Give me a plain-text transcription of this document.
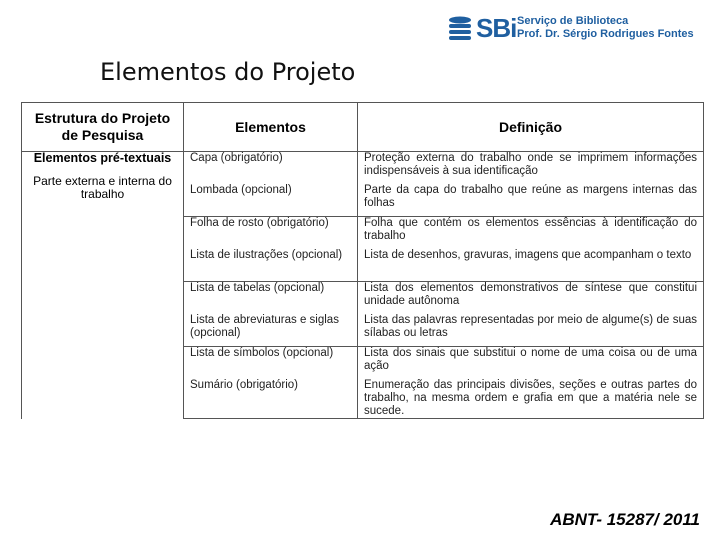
SBi Serviço de Biblioteca
Prof. Dr. Sérgio Rodrigues Fontes
Elementos do Projeto
Estrutura do Projeto de Pesquisa	Elementos	Definição

Elementos pré-textuais
Parte externa e interna do trabalho	Capa (obrigatório)	Proteção externa do trabalho onde se imprimem informações indispensáveis à sua identificação
	Lombada (opcional)	Parte da capa do trabalho que reúne as margens internas das folhas
	Folha de rosto (obrigatório)	Folha que contém os elementos essências à identificação do trabalho
	Lista de ilustrações (opcional)	Lista de desenhos, gravuras, imagens que acompanham o texto
	Lista de tabelas (opcional)	Lista dos elementos demonstrativos de síntese que constitui unidade autônoma
	Lista de abreviaturas e siglas (opcional)	Lista das palavras representadas por meio de algume(s) de suas sílabas ou letras
	Lista de símbolos (opcional)	Lista dos sinais que substitui o nome de uma coisa ou de uma ação
	Sumário (obrigatório)	Enumeração das principais divisões, seções e outras partes do trabalho, na mesma ordem e grafia em que a matéria nele se sucede.
ABNT- 15287/ 2011
